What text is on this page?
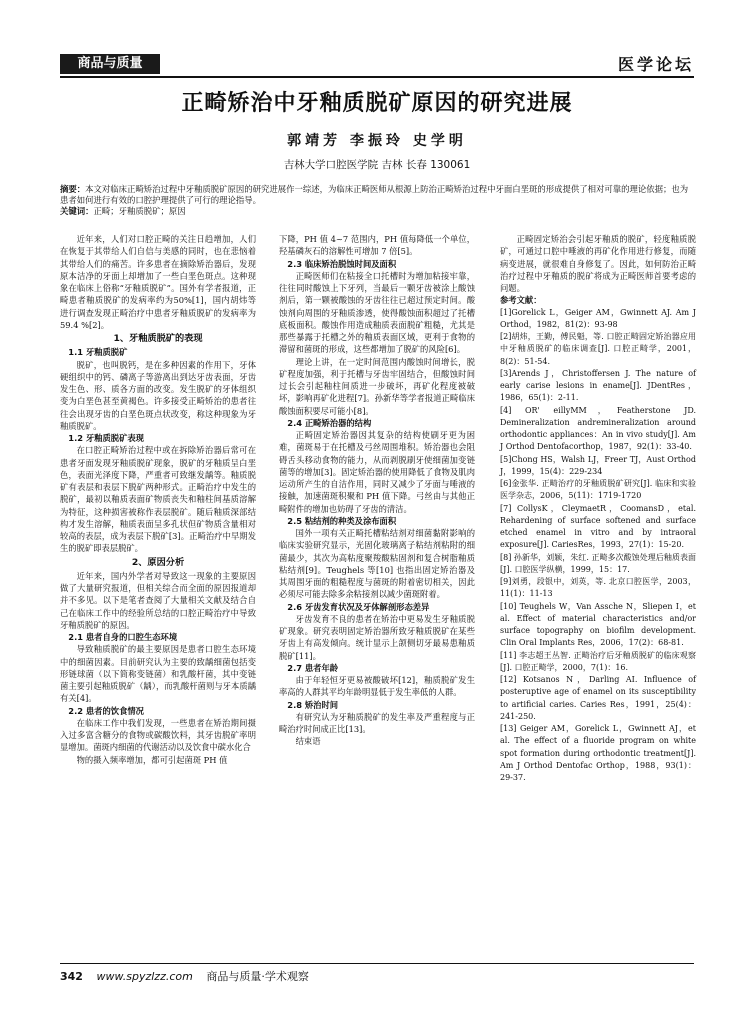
商品与质量	医学论坛
正畸矫治中牙釉质脱矿原因的研究进展
郭靖芳 李振玲 史学明
吉林大学口腔医学院 吉林 长春 130061
摘要：本文对临床正畸矫治过程中牙釉质脱矿原因的研究进展作一综述，为临床正畸医师从根源上防治正畸矫治过程中牙面白垩斑的形成提供了相对可靠的理论依据；也为患者如何进行有效的口腔护理提供了可行的理论指导。
关键词：正畸；牙釉质脱矿；原因

近年来，人们对口腔正畸的关注日趋增加，人们在恢复于其带给人们自信与美感的同时，也在悲恼着其带给人们的痛苦。许多患者在摘除矫治器后，发现原本洁净的牙面上却增加了一些白垩色斑点。这种现象在临床上俗称“牙釉质脱矿”。国外有学者报道，正畸患者釉质脱矿的发病率约为50%[1]，国内胡炜等进行调查发现正畸治疗中患者牙釉质脱矿的发病率为59.4 %[2]。

1、牙釉质脱矿的表现
1.1 牙釉质脱矿

脱矿，也叫脱钙，是在多种因素的作用下，牙体硬组织中的钙、磷离子等游离出到达牙齿表面，牙齿发生色、形、质各方面的改变。发生脱矿的牙体组织变为白垩色甚至黄褐色。许多接受正畸矫治的患者往往会出现牙齿的白垩色斑点状改变，称这种现象为牙釉质脱矿。

1.2 牙釉质脱矿表现

在口腔正畸矫治过程中或在拆除矫治器后常可在患者牙面发现牙釉质脱矿现象，脱矿的牙釉质呈白垩色，表面光泽度下降，严重者可致继发龋等。釉质脱矿有表层和表层下脱矿两种形式。正畸治疗中发生的脱矿，最初以釉质表面矿物质丧失和釉柱间基质溶解为特征，这种损害被称作表层脱矿。随后釉质深部结构才发生溶解，釉质表面呈多孔状但矿物质含量相对较高的表层，成为表层下脱矿[3]。正畸治疗中早期发生的脱矿即表层脱矿。

2、原因分析

近年来，国内外学者对导致这一现象的主要原因做了大量研究报道，但相关综合而全面的原因报道却并不多见。以下是笔者查阅了大量相关文献及结合自己在临床工作中的经验所总结的口腔正畸治疗中导致牙釉质脱矿的原因。

2.1 患者自身的口腔生态环境

导致釉质脱矿的最主要原因是患者口腔生态环境中的细菌因素。目前研究认为主要的致龋细菌包括变形链球菌（以下简称变链菌）和乳酸杆菌，其中变链菌主要引起釉质脱矿（龋），而乳酸杆菌则与牙本质龋有关[4]。

2.2 患者的饮食情况

在临床工作中我们发现，一些患者在矫治期间摄入过多富含糖分的食物或碳酸饮料，其牙齿脱矿率明显增加。菌斑内细菌的代谢活动以及饮食中碳水化合

物的摄入频率增加，都可引起菌斑 PH 值

下降，PH 值 4~7 范围内，PH 值每降低一个单位，羟基磷灰石的溶解性可增加 7 倍[5]。

2.3 临床矫治脱蚀时间及面积

正畸医师们在粘接全口托槽时为增加粘接牢靠，往往同时酸蚀上下牙列，当最后一颗牙齿被涂上酸蚀剂后，第一颗被酸蚀的牙齿往往已超过预定时间。酸蚀剂向周围的牙釉质渗透，使得酸蚀面积超过了托槽底板面积。酸蚀作用造成釉质表面脱矿粗糙，尤其是那些暴露于托槽之外的釉质表面区域，更利于食物的滞留和菌斑的形成，这些都增加了脱矿的风险[6]。

理论上讲，在一定时间范围内酸蚀时间增长，脱矿程度加强，利于托槽与牙齿牢固结合，但酸蚀时间过长会引起釉柱间质进一步破坏，再矿化程度被破坏，影响再矿化进程[7]。孙新华等学者报道正畸临床酸蚀面积要尽可能小[8]。

2.4 正畸矫治器的结构

正畸固定矫治器因其复杂的结构使刷牙更为困难，菌斑易于在托槽及弓丝周围堆积。矫治器也会阻碍舌头移动食物的能力，从而剥脱刷牙使细菌加变链菌等的增加[3]。固定矫治器的使用降低了食物及肌肉运动所产生的自洁作用，同时又减少了牙面与唾液的接触，加速菌斑积聚和 PH 值下降。弓丝由与其他正畸附件的增加也妨碍了牙齿的清洁。

2.5 粘结剂的种类及涂布面积

国外一项有关正畸托槽粘结剂对细菌黏附影响的临床实验研究显示，光固化玻璃离子粘结剂粘附的细菌最少，其次为高粘度聚羧酸粘固剂和复合树脂釉质粘结剂[9]。Teughels 等[10] 也指出固定矫治器及其周围牙面的粗糙程度与菌斑的附着密切相关，因此必须尽可能去除多余粘接剂以减少菌斑附着。

2.6 牙齿发育状况及牙体解剖形态差异

牙齿发育不良的患者在矫治中更易发生牙釉质脱矿现象。研究表明固定矫治器所致牙釉质脱矿在某些牙齿上有高发倾向。统计显示上颌侧切牙最易患釉质脱矿[11]。

2.7 患者年龄

由于年轻恒牙更易被酸破坏[12]，釉质脱矿发生率高的人群其平均年龄明显低于发生率低的人群。

2.8 矫治时间

有研究认为牙釉质脱矿的发生率及严重程度与正畸治疗时间成正比[13]。

结束语

正畸固定矫治会引起牙釉质的脱矿，轻度釉质脱矿，可通过口腔中唾液的再矿化作用进行修复，而随病变进展，就很难自身修复了。因此，如何防治正畸治疗过程中牙釉质的脱矿将成为正畸医师首要考虑的问题。

参考文献：
[1]Gorelick L，Geiger AM，Gwinnett AJ. Am J Orthod，1982，81(2)：93-98
[2]胡炜，王勤，傅民魁，等. 口腔正畸固定矫治器应用中牙釉质脱矿的临床调查[J]. 口腔正畸学，2001，8(2)：51-54.
[3]Arends J，Christoffersen J. The nature of early carise lesions in ename[J]. JDentRes，1986，65(1)：2-11.
[4] OR' eillyMM，Featherstone JD. Demineralization andremineralization around orthodontic appliances：An in vivo study[J]. Am J Orthod Dentofacorthop，1987，92(1)：33-40.
[5]Chong HS，Walsh LJ，Freer TJ，Aust Orthod J，1999，15(4)：229-234
[6]金张华. 正畸治疗的牙釉质脱矿研究[J]. 临床和实验医学杂志，2006，5(11)：1719-1720
[7] CollysK，CleymaetR，CoomansD，etal. Rehardening of surface softened and surface etched enamel in vitro and by intraoral exposure[J]. CariesRes，1993，27(1)：15-20.
[8] 孙新华，刘颖，朱红. 正畸多次酸蚀处理后釉质表面[J]. 口腔医学纵横，1999，15：17.
[9]刘勇，段银中，刘英，等. 北京口腔医学，2003，11(1)：11-13
[10] Teughels W，Van Assche N，Sliepen I，et al. Effect of material characteristics and/or surface topography on biofilm development. Clin Oral Implants Res，2006，17(2)：68-81.
[11] 李志超王丛智. 正畸治疗后牙釉质脱矿的临床观察[J]. 口腔正畸学，2000，7(1)：16.
[12] Kotsanos N，Darling AI. Influence of posteruptive age of enamel on its susceptibility to artificial caries. Caries Res，1991，25(4)：241-250.
[13] Geiger AM，Gorelick L，Gwinnett AJ，et al. The effect of a fluoride program on white spot formation during orthodontic treatment[J]. Am J Orthod Dentofac Orthop，1988，93(1)：29-37.
342 www.spyzlzz.com 商品与质量·学术观察
